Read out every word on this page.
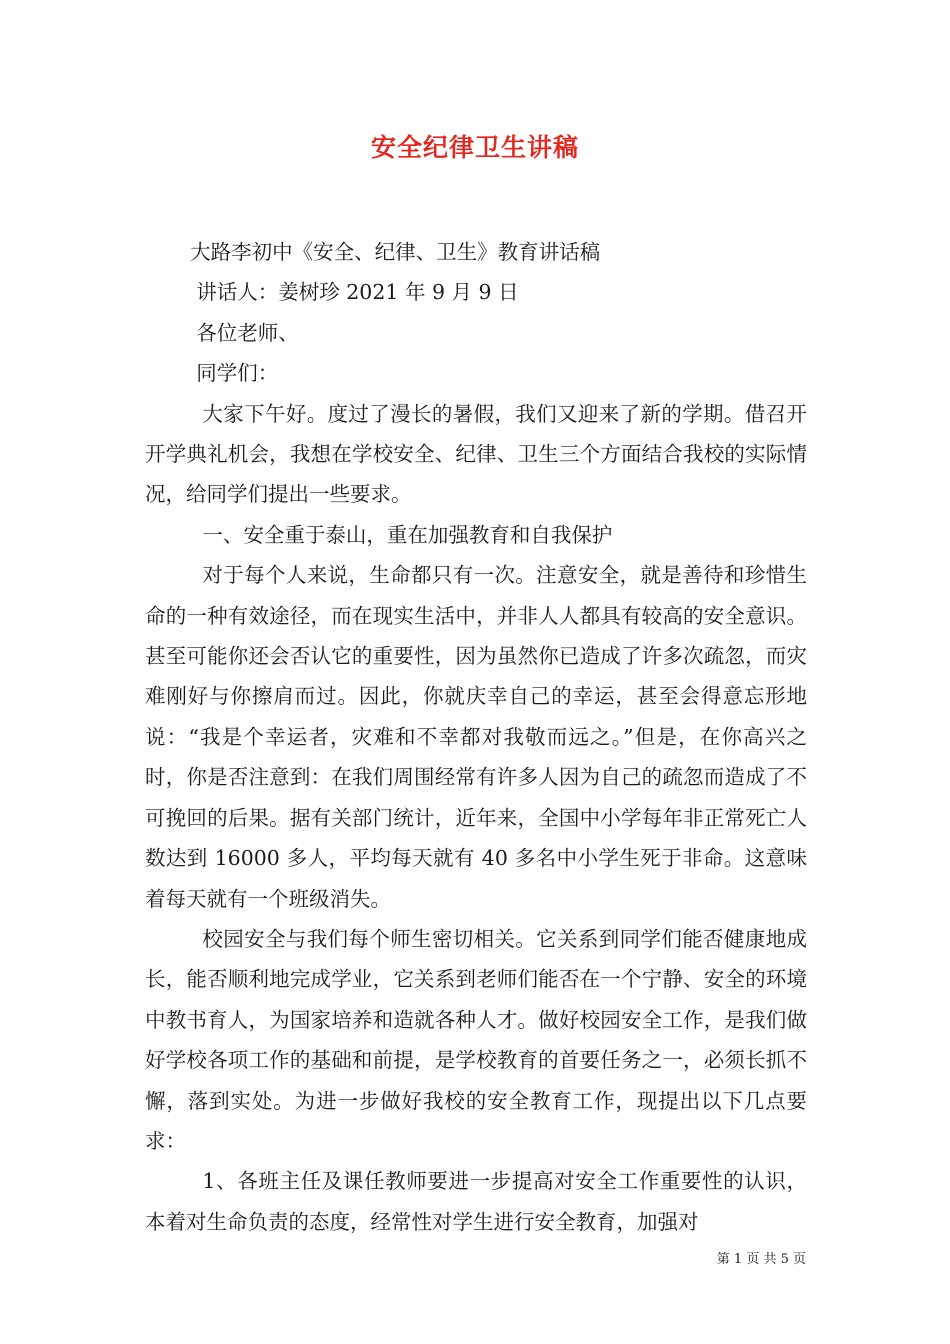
安全纪律卫生讲稿

大路李初中《安全、纪律、卫生》教育讲话稿

讲话人：姜树珍 2021 年 9 月 9 日

各位老师、

同学们：

大家下午好。度过了漫长的暑假，我们又迎来了新的学期。借召开开学典礼机会，我想在学校安全、纪律、卫生三个方面结合我校的实际情况，给同学们提出一些要求。

一、安全重于泰山，重在加强教育和自我保护

对于每个人来说，生命都只有一次。注意安全，就是善待和珍惜生命的一种有效途径，而在现实生活中，并非人人都具有较高的安全意识。甚至可能你还会否认它的重要性，因为虽然你已造成了许多次疏忽，而灾难刚好与你擦肩而过。因此，你就庆幸自己的幸运，甚至会得意忘形地说：“我是个幸运者，灾难和不幸都对我敬而远之。”但是，在你高兴之时，你是否注意到：在我们周围经常有许多人因为自己的疏忽而造成了不可挽回的后果。据有关部门统计，近年来，全国中小学每年非正常死亡人数达到 16000 多人，平均每天就有 40 多名中小学生死于非命。这意味着每天就有一个班级消失。

校园安全与我们每个师生密切相关。它关系到同学们能否健康地成长，能否顺利地完成学业，它关系到老师们能否在一个宁静、安全的环境中教书育人，为国家培养和造就各种人才。做好校园安全工作，是我们做好学校各项工作的基础和前提，是学校教育的首要任务之一，必须长抓不懈，落到实处。为进一步做好我校的安全教育工作，现提出以下几点要求：

1、各班主任及课任教师要进一步提高对安全工作重要性的认识，本着对生命负责的态度，经常性对学生进行安全教育，加强对

第 1 页 共 5 页
